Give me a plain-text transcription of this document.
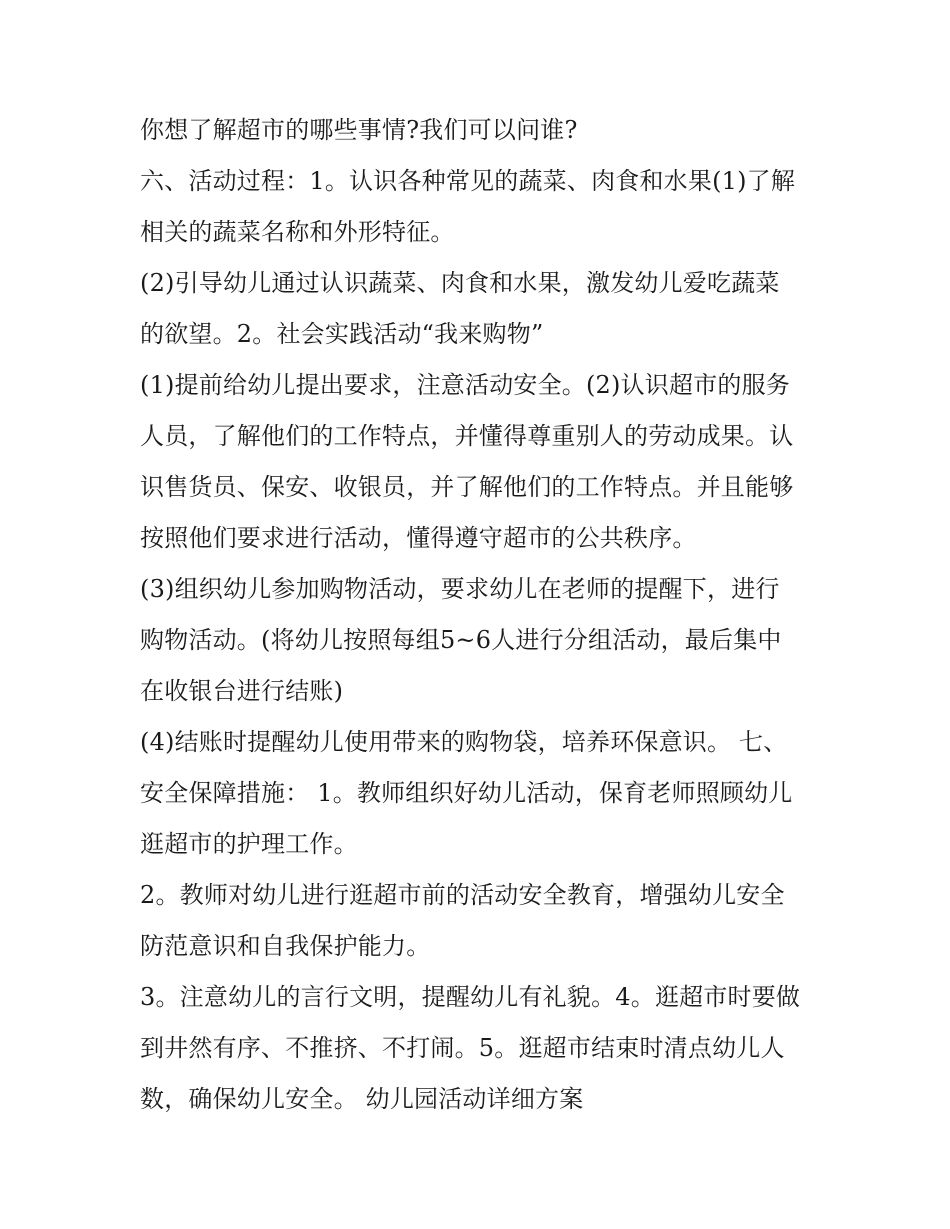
你想了解超市的哪些事情?我们可以问谁?
六、活动过程：1。认识各种常见的蔬菜、肉食和水果(1)了解
相关的蔬菜名称和外形特征。
(2)引导幼儿通过认识蔬菜、肉食和水果，激发幼儿爱吃蔬菜
的欲望。2。社会实践活动“我来购物”
(1)提前给幼儿提出要求，注意活动安全。(2)认识超市的服务
人员，了解他们的工作特点，并懂得尊重别人的劳动成果。认
识售货员、保安、收银员，并了解他们的工作特点。并且能够
按照他们要求进行活动，懂得遵守超市的公共秩序。
(3)组织幼儿参加购物活动，要求幼儿在老师的提醒下，进行
购物活动。(将幼儿按照每组5~6人进行分组活动，最后集中
在收银台进行结账)
(4)结账时提醒幼儿使用带来的购物袋，培养环保意识。 七、
安全保障措施： 1。教师组织好幼儿活动，保育老师照顾幼儿
逛超市的护理工作。
2。教师对幼儿进行逛超市前的活动安全教育，增强幼儿安全
防范意识和自我保护能力。
3。注意幼儿的言行文明，提醒幼儿有礼貌。4。逛超市时要做
到井然有序、不推挤、不打闹。5。逛超市结束时清点幼儿人
数，确保幼儿安全。 幼儿园活动详细方案
